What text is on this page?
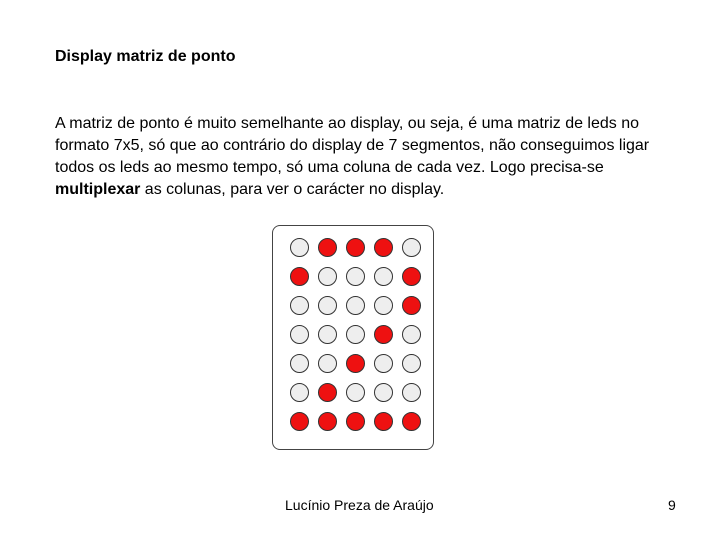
Display matriz de ponto

A matriz de ponto é muito semelhante ao display, ou seja, é uma matriz de leds no formato 7x5, só que ao contrário do display de 7 segmentos, não conseguimos ligar todos os leds ao mesmo tempo, só uma coluna de cada vez. Logo precisa-se multiplexar as colunas, para ver o carácter no display.

Lucínio Preza de Araújo	9
